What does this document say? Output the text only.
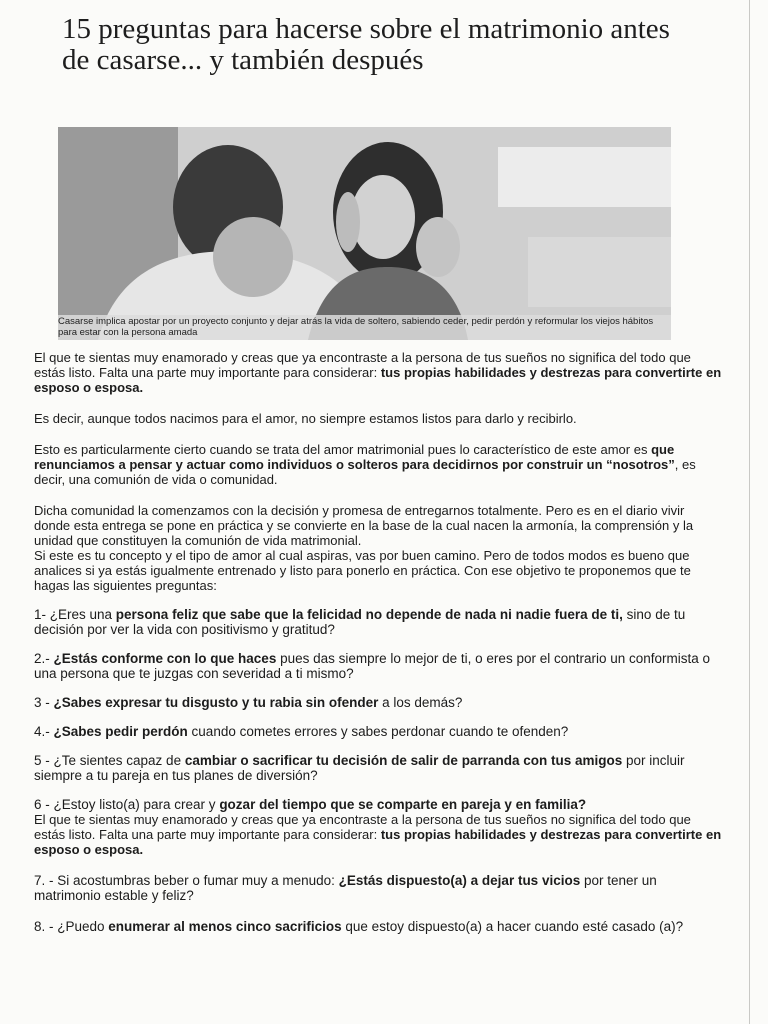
15 preguntas para hacerse sobre el matrimonio antes de casarse... y también después
Casarse implica apostar por un proyecto conjunto y dejar atrás la vida de soltero, sabiendo ceder, pedir perdón y reformular los viejos hábitos para estar con la persona amada

El que te sientas muy enamorado y creas que ya encontraste a la persona de tus sueños no significa del todo que estás listo. Falta una parte muy importante para considerar: tus propias habilidades y destrezas para convertirte en esposo o esposa.

Es decir, aunque todos nacimos para el amor, no siempre estamos listos para darlo y recibirlo.

Esto es particularmente cierto cuando se trata del amor matrimonial pues lo característico de este amor es que renunciamos a pensar y actuar como individuos o solteros para decidirnos por construir un “nosotros”, es decir, una comunión de vida o comunidad.

Dicha comunidad la comenzamos con la decisión y promesa de entregarnos totalmente. Pero es en el diario vivir donde esta entrega se pone en práctica y se convierte en la base de la cual nacen la armonía, la comprensión y la unidad que constituyen la comunión de vida matrimonial.

Si este es tu concepto y el tipo de amor al cual aspiras, vas por buen camino. Pero de todos modos es bueno que analices si ya estás igualmente entrenado y listo para ponerlo en práctica. Con ese objetivo te proponemos que te hagas las siguientes preguntas:

1- ¿Eres una persona feliz que sabe que la felicidad no depende de nada ni nadie fuera de ti, sino de tu decisión por ver la vida con positivismo y gratitud?

2.- ¿Estás conforme con lo que haces pues das siempre lo mejor de ti, o eres por el contrario un conformista o una persona que te juzgas con severidad a ti mismo?

3 - ¿Sabes expresar tu disgusto y tu rabia sin ofender a los demás?

4.- ¿Sabes pedir perdón cuando cometes errores y sabes perdonar cuando te ofenden?

5 - ¿Te sientes capaz de cambiar o sacrificar tu decisión de salir de parranda con tus amigos por incluir siempre a tu pareja en tus planes de diversión?

6 - ¿Estoy listo(a) para crear y gozar del tiempo que se comparte en pareja y en familia?

El que te sientas muy enamorado y creas que ya encontraste a la persona de tus sueños no significa del todo que estás listo. Falta una parte muy importante para considerar: tus propias habilidades y destrezas para convertirte en esposo o esposa.

7. - Si acostumbras beber o fumar muy a menudo: ¿Estás dispuesto(a) a dejar tus vicios por tener un matrimonio estable y feliz?

8. - ¿Puedo enumerar al menos cinco sacrificios que estoy dispuesto(a) a hacer cuando esté casado (a)?
